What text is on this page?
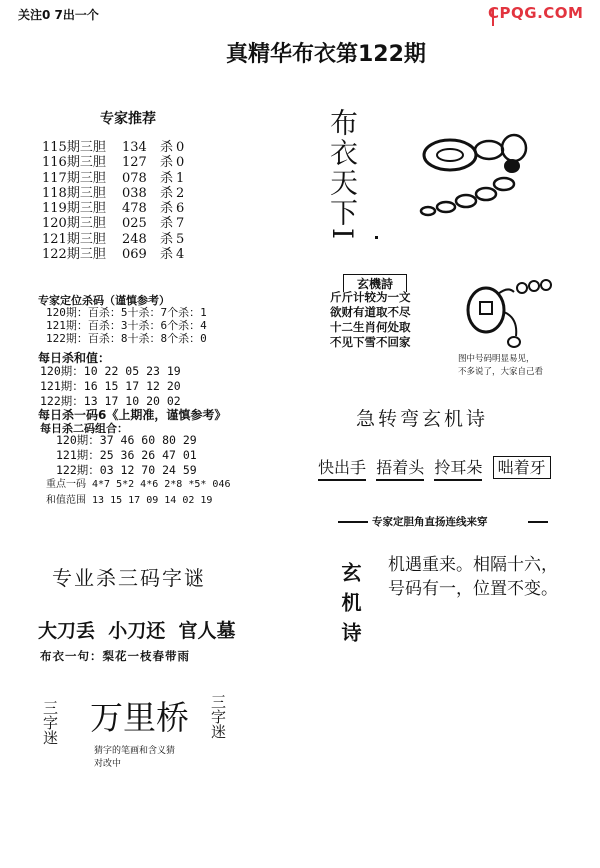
关注0 7出一个	CPQG.COM
真精华布衣第122期
专家推荐
115期三胆 134 杀 0
116期三胆 127 杀 0
117期三胆 078 杀 1
118期三胆 038 杀 2
119期三胆 478 杀 6
120期三胆 025 杀 7
121期三胆 248 杀 5
122期三胆 069 杀 4
专家定位杀码（谨慎参考）
120期：百杀：5十杀：7个杀：1
121期：百杀：3十杀：6个杀：4
122期：百杀：8十杀：8个杀：0
每日杀和值：
120期：10 22 05 23 19
121期：16 15 17 12 20
122期：13 17 10 20 02
每日杀一码6《上期准，谨慎参考》
每日杀二码组合：
120期：37 46 60 80 29
121期：25 36 26 47 01
122期：03 12 70 24 59
重点一码 4*7 5*2 4*6 2*8 *5* 046
和值范围 13 15 17 09 14 02 19
专业杀三码字谜
大刀丢 小刀还 官人墓
布衣一句：梨花一枝春带雨
三字迷 万里桥 三字迷
猜字的笔画和含义猜
对改中
布衣天下I
玄機詩
斤斤计较为一文
欲财有道取不尽
十二生肖何处取
不见下雪不回家
图中号码明显易见，
不多说了，大家自己看
急转弯玄机诗
快出手 捂着头 拎耳朵 咄着牙
专家定胆角直扬连线来穿
玄机诗 机遇重来。相隔十六，
号码有一，位置不变。
